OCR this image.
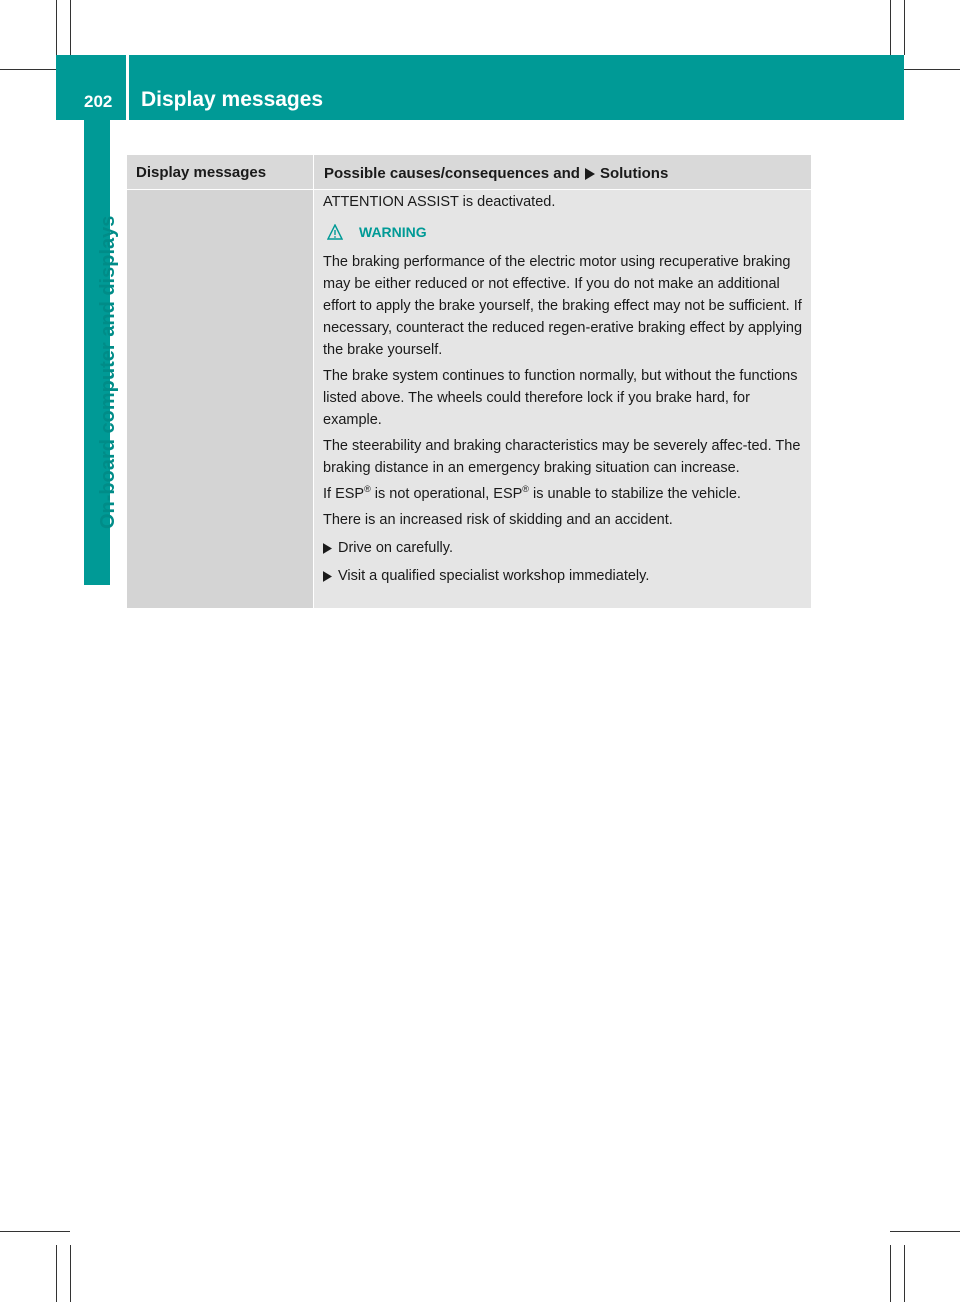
202 Display messages
On-board computer and displays
Display messages	Possible causes/consequences and Solutions

ATTENTION ASSIST is deactivated.

WARNING

The braking performance of the electric motor using recuperative braking may be either reduced or not effective. If you do not make an additional effort to apply the brake yourself, the braking effect may not be sufficient. If necessary, counteract the reduced regen-erative braking effect by applying the brake yourself.

The brake system continues to function normally, but without the functions listed above. The wheels could therefore lock if you brake hard, for example.

The steerability and braking characteristics may be severely affec-ted. The braking distance in an emergency braking situation can increase.

If ESP® is not operational, ESP® is unable to stabilize the vehicle.

There is an increased risk of skidding and an accident.

Drive on carefully.
Visit a qualified specialist workshop immediately.
